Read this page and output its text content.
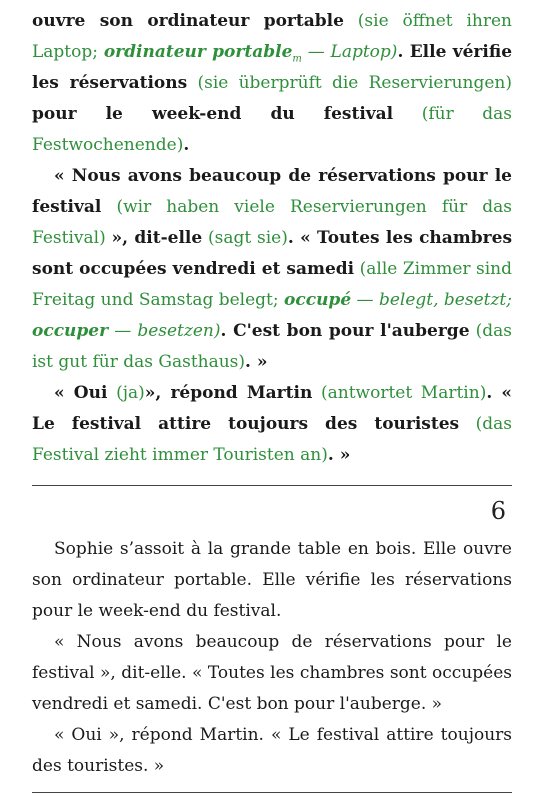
ouvre son ordinateur portable (sie öffnet ihren Laptop; ordinateur portable$_m$ — Laptop). Elle vérifie les réservations (sie überprüft die Reservierungen) pour le week-end du festival (für das Festwochenende).

« Nous avons beaucoup de réservations pour le festival (wir haben viele Reservierungen für das Festival) », dit-elle (sagt sie). « Toutes les chambres sont occupées vendredi et samedi (alle Zimmer sind Freitag und Samstag belegt; occupé — belegt, besetzt; occuper — besetzen). C'est bon pour l'auberge (das ist gut für das Gasthaus). »

« Oui (ja)», répond Martin (antwortet Martin). « Le festival attire toujours des touristes (das Festival zieht immer Touristen an). »

6

Sophie s’assoit à la grande table en bois. Elle ouvre son ordinateur portable. Elle vérifie les réservations pour le week-end du festival.

« Nous avons beaucoup de réservations pour le festival », dit-elle. « Toutes les chambres sont occupées vendredi et samedi. C'est bon pour l'auberge. »

« Oui », répond Martin. « Le festival attire toujours des touristes. »
